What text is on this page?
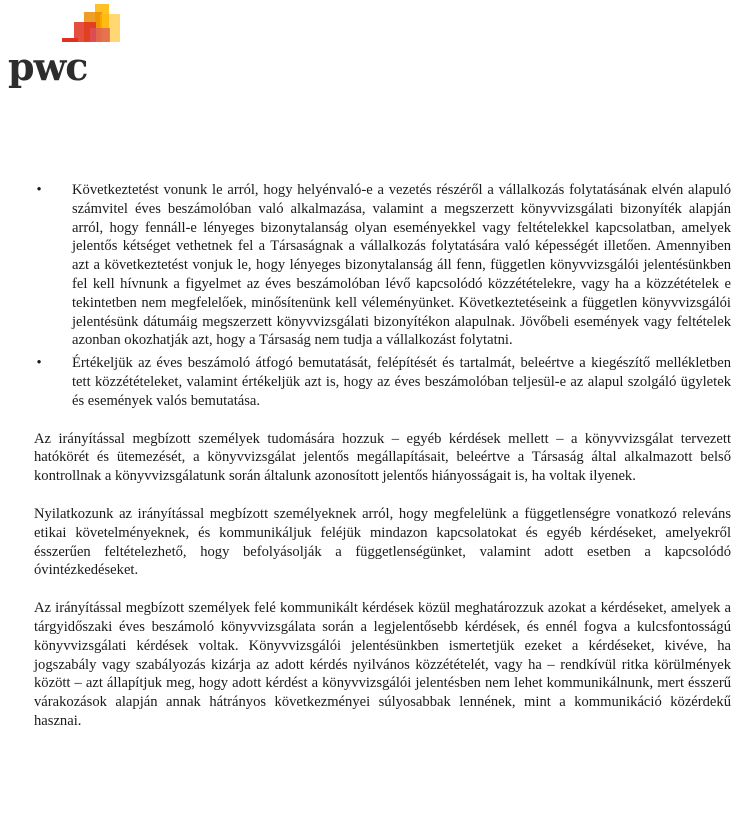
pwc
• Következtetést vonunk le arról, hogy helyénvaló-e a vezetés részéről a vállalkozás folytatásának elvén alapuló számvitel éves beszámolóban való alkalmazása, valamint a megszerzett könyvvizsgálati bizonyíték alapján arról, hogy fennáll-e lényeges bizonytalanság olyan eseményekkel vagy feltételekkel kapcsolatban, amelyek jelentős kétséget vethetnek fel a Társaságnak a vállalkozás folytatására való képességét illetően. Amennyiben azt a következtetést vonjuk le, hogy lényeges bizonytalanság áll fenn, független könyvvizsgálói jelentésünkben fel kell hívnunk a figyelmet az éves beszámolóban lévő kapcsolódó közzétételekre, vagy ha a közzétételek e tekintetben nem megfelelőek, minősítenünk kell véleményünket. Következtetéseink a független könyvvizsgálói jelentésünk dátumáig megszerzett könyvvizsgálati bizonyítékon alapulnak. Jövőbeli események vagy feltételek azonban okozhatják azt, hogy a Társaság nem tudja a vállalkozást folytatni.
• Értékeljük az éves beszámoló átfogó bemutatását, felépítését és tartalmát, beleértve a kiegészítő mellékletben tett közzétételeket, valamint értékeljük azt is, hogy az éves beszámolóban teljesül-e az alapul szolgáló ügyletek és események valós bemutatása.

Az irányítással megbízott személyek tudomására hozzuk – egyéb kérdések mellett – a könyvvizsgálat tervezett hatókörét és ütemezését, a könyvvizsgálat jelentős megállapításait, beleértve a Társaság által alkalmazott belső kontrollnak a könyvvizsgálatunk során általunk azonosított jelentős hiányosságait is, ha voltak ilyenek.

Nyilatkozunk az irányítással megbízott személyeknek arról, hogy megfelelünk a függetlenségre vonatkozó releváns etikai követelményeknek, és kommunikáljuk feléjük mindazon kapcsolatokat és egyéb kérdéseket, amelyekről ésszerűen feltételezhető, hogy befolyásolják a függetlenségünket, valamint adott esetben a kapcsolódó óvintézkedéseket.

Az irányítással megbízott személyek felé kommunikált kérdések közül meghatározzuk azokat a kérdéseket, amelyek a tárgyidőszaki éves beszámoló könyvvizsgálata során a legjelentősebb kérdések, és ennél fogva a kulcsfontosságú könyvvizsgálati kérdések voltak. Könyvvizsgálói jelentésünkben ismertetjük ezeket a kérdéseket, kivéve, ha jogszabály vagy szabályozás kizárja az adott kérdés nyilvános közzétételét, vagy ha – rendkívül ritka körülmények között – azt állapítjuk meg, hogy adott kérdést a könyvvizsgálói jelentésben nem lehet kommunikálnunk, mert ésszerű várakozások alapján annak hátrányos következményei súlyosabbak lennének, mint a kommunikáció közérdekű hasznai.
